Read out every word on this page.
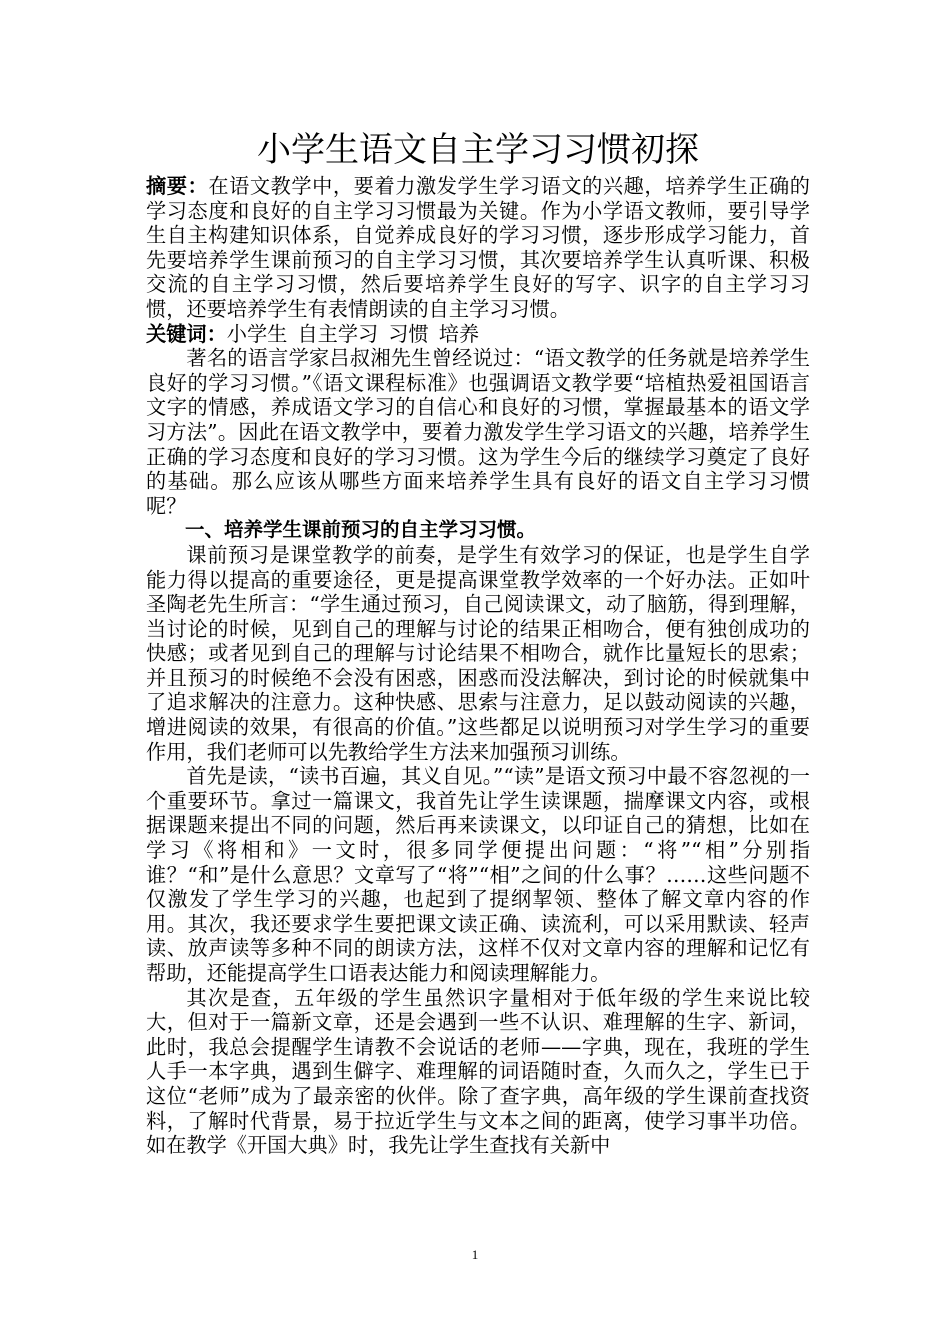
小学生语文自主学习习惯初探

摘要：在语文教学中，要着力激发学生学习语文的兴趣，培养学生正确的学习态度和良好的自主学习习惯最为关键。作为小学语文教师，要引导学生自主构建知识体系，自觉养成良好的学习习惯，逐步形成学习能力，首先要培养学生课前预习的自主学习习惯，其次要培养学生认真听课、积极交流的自主学习习惯，然后要培养学生良好的写字、识字的自主学习习惯，还要培养学生有表情朗读的自主学习习惯。

关键词：小学生 自主学习 习惯 培养

著名的语言学家吕叔湘先生曾经说过：“语文教学的任务就是培养学生良好的学习习惯。”《语文课程标准》也强调语文教学要“培植热爱祖国语言文字的情感，养成语文学习的自信心和良好的习惯，掌握最基本的语文学习方法”。因此在语文教学中，要着力激发学生学习语文的兴趣，培养学生正确的学习态度和良好的学习习惯。这为学生今后的继续学习奠定了良好的基础。那么应该从哪些方面来培养学生具有良好的语文自主学习习惯呢？

一、培养学生课前预习的自主学习习惯。

课前预习是课堂教学的前奏，是学生有效学习的保证，也是学生自学能力得以提高的重要途径，更是提高课堂教学效率的一个好办法。正如叶圣陶老先生所言：“学生通过预习，自己阅读课文，动了脑筋，得到理解，当讨论的时候，见到自己的理解与讨论的结果正相吻合，便有独创成功的快感；或者见到自己的理解与讨论结果不相吻合，就作比量短长的思索；并且预习的时候绝不会没有困惑，困惑而没法解决，到讨论的时候就集中了追求解决的注意力。这种快感、思索与注意力，足以鼓动阅读的兴趣，增进阅读的效果，有很高的价值。”这些都足以说明预习对学生学习的重要作用，我们老师可以先教给学生方法来加强预习训练。

首先是读，“读书百遍，其义自见。”“读”是语文预习中最不容忽视的一个重要环节。拿过一篇课文，我首先让学生读课题，揣摩课文内容，或根据课题来提出不同的问题，然后再来读课文，以印证自己的猜想，比如在学习《将相和》一文时，很多同学便提出问题：“将”“相”分别指谁？“和”是什么意思？文章写了“将”“相”之间的什么事？……这些问题不仅激发了学生学习的兴趣，也起到了提纲挈领、整体了解文章内容的作用。其次，我还要求学生要把课文读正确、读流利，可以采用默读、轻声读、放声读等多种不同的朗读方法，这样不仅对文章内容的理解和记忆有帮助，还能提高学生口语表达能力和阅读理解能力。

其次是查，五年级的学生虽然识字量相对于低年级的学生来说比较大，但对于一篇新文章，还是会遇到一些不认识、难理解的生字、新词，此时，我总会提醒学生请教不会说话的老师——字典，现在，我班的学生人手一本字典，遇到生僻字、难理解的词语随时查，久而久之，学生已于这位“老师”成为了最亲密的伙伴。除了查字典，高年级的学生课前查找资料，了解时代背景，易于拉近学生与文本之间的距离，使学习事半功倍。如在教学《开国大典》时，我先让学生查找有关新中

1
